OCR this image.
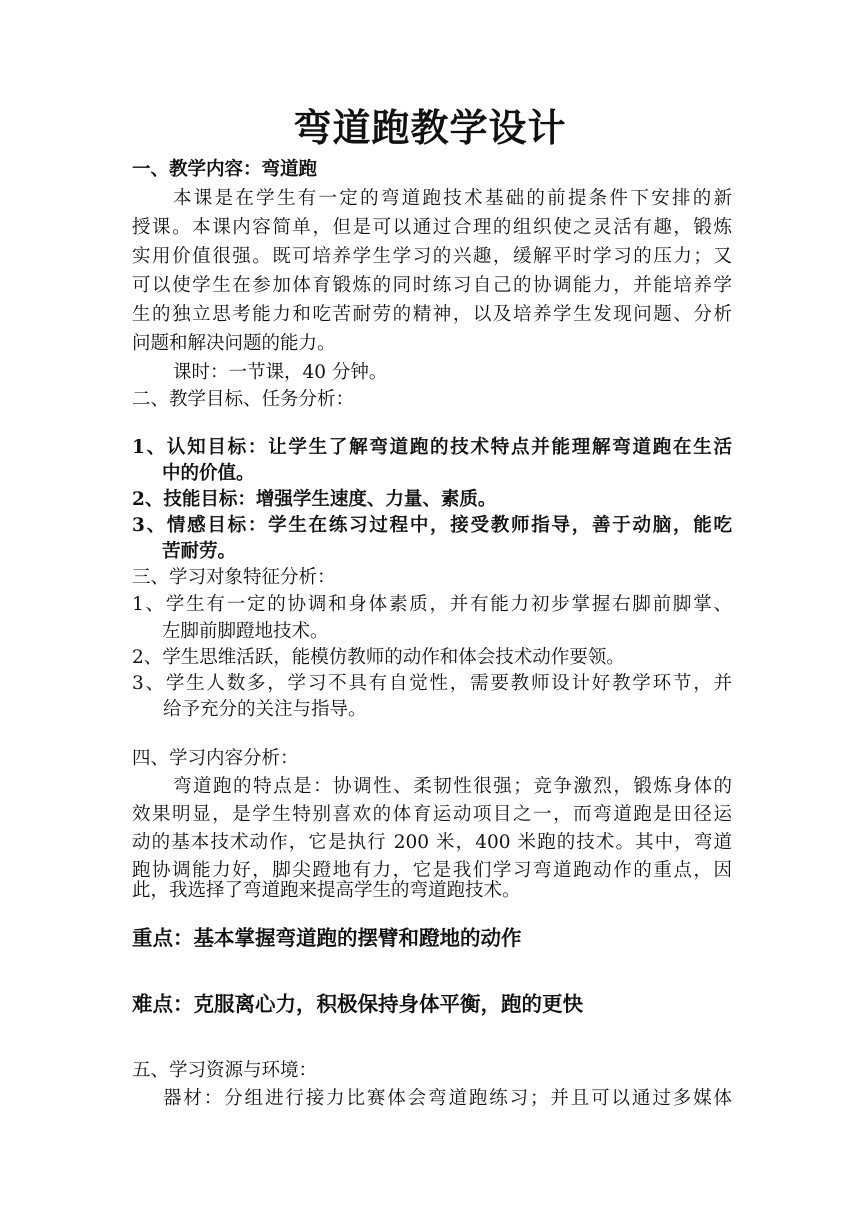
弯道跑教学设计
一、教学内容：弯道跑
本课是在学生有一定的弯道跑技术基础的前提条件下安排的新
授课。本课内容简单，但是可以通过合理的组织使之灵活有趣，锻炼
实用价值很强。既可培养学生学习的兴趣，缓解平时学习的压力；又
可以使学生在参加体育锻炼的同时练习自己的协调能力，并能培养学
生的独立思考能力和吃苦耐劳的精神，以及培养学生发现问题、分析
问题和解决问题的能力。
课时：一节课，40 分钟。
二、教学目标、任务分析：
1、认知目标：让学生了解弯道跑的技术特点并能理解弯道跑在生活
中的价值。
2、技能目标：增强学生速度、力量、素质。
3、情感目标：学生在练习过程中，接受教师指导，善于动脑，能吃
苦耐劳。
三、学习对象特征分析：
1、学生有一定的协调和身体素质，并有能力初步掌握右脚前脚掌、
左脚前脚蹬地技术。
2、学生思维活跃，能模仿教师的动作和体会技术动作要领。
3、学生人数多，学习不具有自觉性，需要教师设计好教学环节，并
给予充分的关注与指导。
四、学习内容分析：
弯道跑的特点是：协调性、柔韧性很强；竞争激烈，锻炼身体的
效果明显，是学生特别喜欢的体育运动项目之一，而弯道跑是田径运
动的基本技术动作，它是执行 200 米，400 米跑的技术。其中，弯道
跑协调能力好，脚尖蹬地有力，它是我们学习弯道跑动作的重点，因
此，我选择了弯道跑来提高学生的弯道跑技术。
重点：基本掌握弯道跑的摆臂和蹬地的动作
难点：克服离心力，积极保持身体平衡，跑的更快
五、学习资源与环境：
器材：分组进行接力比赛体会弯道跑练习；并且可以通过多媒体
